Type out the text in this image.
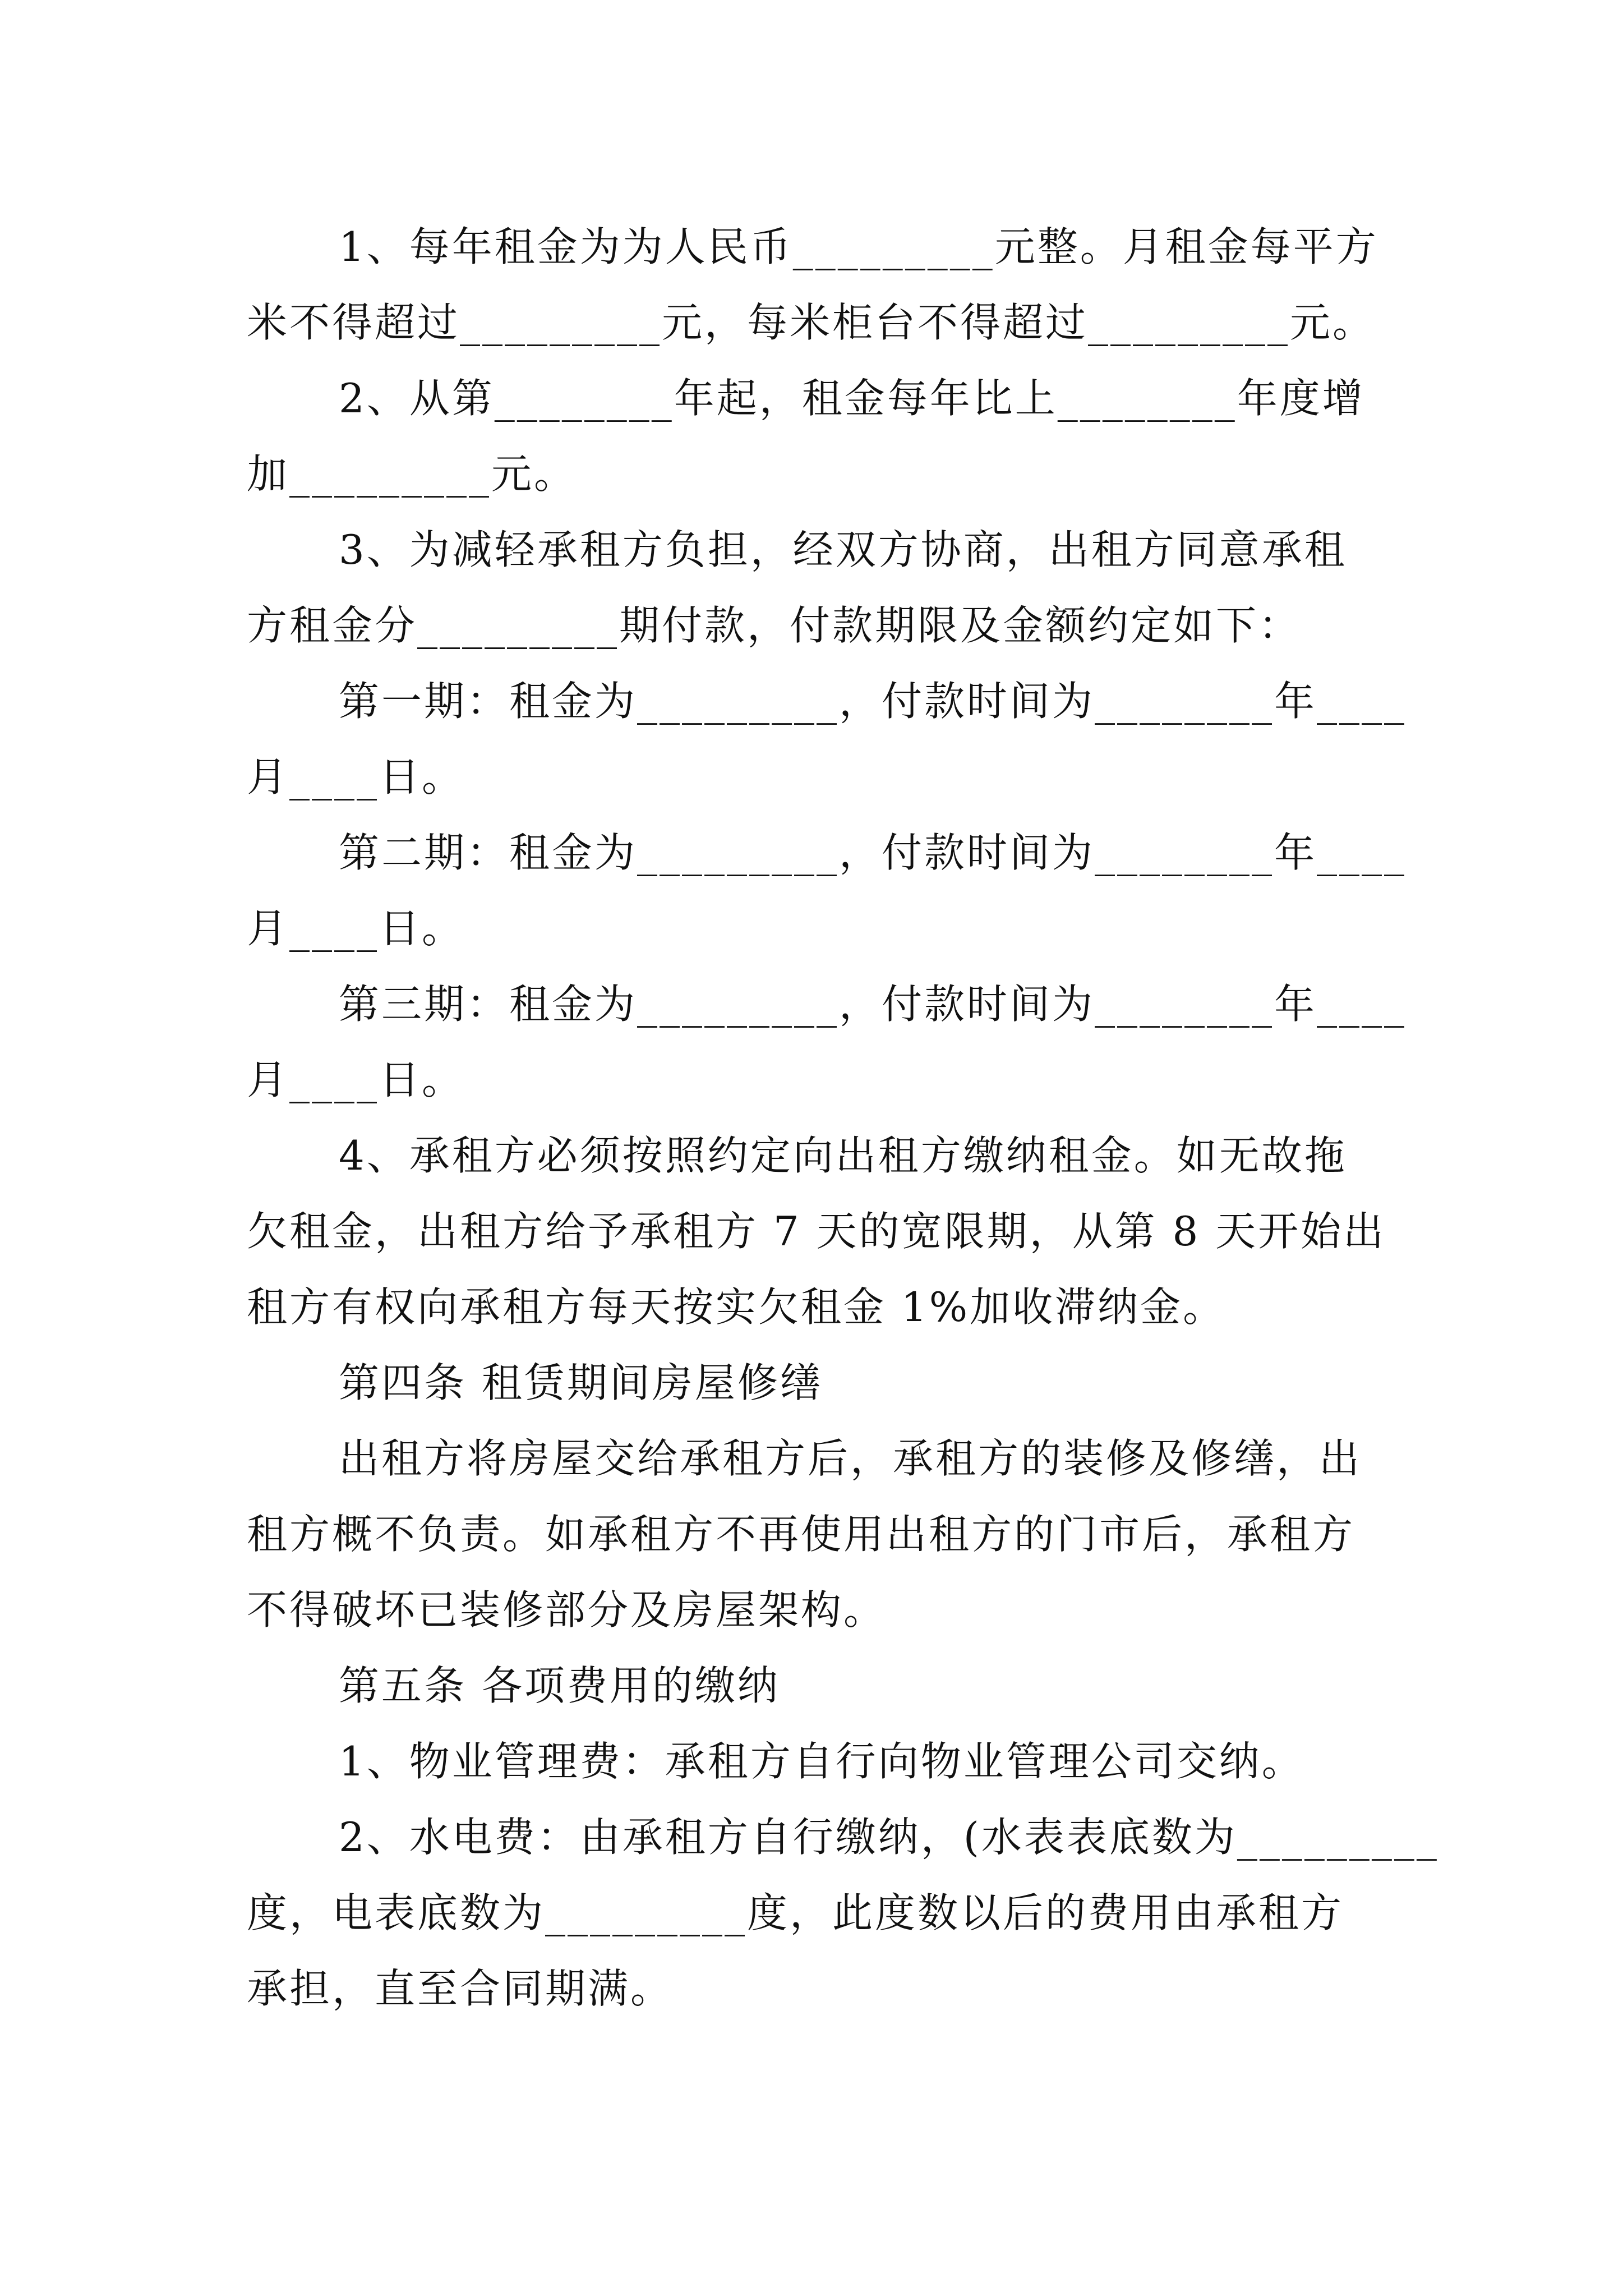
1、每年租金为为人民币_________元整。月租金每平方
米不得超过_________元，每米柜台不得超过_________元。
2、从第________年起，租金每年比上________年度增
加_________元。
3、为减轻承租方负担，经双方协商，出租方同意承租
方租金分_________期付款，付款期限及金额约定如下：
第一期：租金为_________，付款时间为________年____
月____日。
第二期：租金为_________，付款时间为________年____
月____日。
第三期：租金为_________，付款时间为________年____
月____日。
4、承租方必须按照约定向出租方缴纳租金。如无故拖
欠租金，出租方给予承租方 7 天的宽限期，从第 8 天开始出
租方有权向承租方每天按实欠租金 1%加收滞纳金。
第四条 租赁期间房屋修缮
出租方将房屋交给承租方后，承租方的装修及修缮，出
租方概不负责。如承租方不再使用出租方的门市后，承租方
不得破坏已装修部分及房屋架构。
第五条 各项费用的缴纳
1、物业管理费：承租方自行向物业管理公司交纳。
2、水电费：由承租方自行缴纳，(水表表底数为_________
度，电表底数为_________度，此度数以后的费用由承租方
承担，直至合同期满。
